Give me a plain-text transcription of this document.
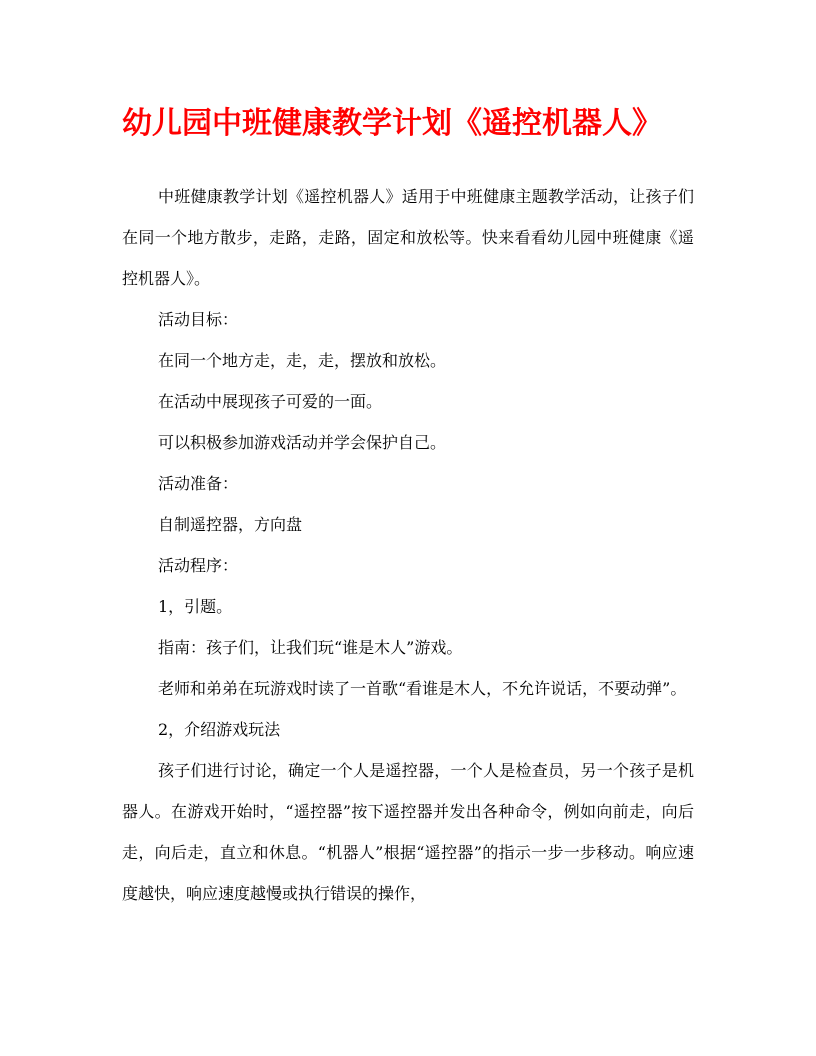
幼儿园中班健康教学计划《遥控机器人》

中班健康教学计划《遥控机器人》适用于中班健康主题教学活动，让孩子们在同一个地方散步，走路，走路，固定和放松等。快来看看幼儿园中班健康《遥控机器人》。

活动目标：

在同一个地方走，走，走，摆放和放松。

在活动中展现孩子可爱的一面。

可以积极参加游戏活动并学会保护自己。

活动准备：

自制遥控器，方向盘

活动程序：

1，引题。

指南：孩子们，让我们玩“谁是木人”游戏。

老师和弟弟在玩游戏时读了一首歌“看谁是木人，不允许说话，不要动弹”。

2，介绍游戏玩法

孩子们进行讨论，确定一个人是遥控器，一个人是检查员，另一个孩子是机器人。在游戏开始时，“遥控器”按下遥控器并发出各种命令，例如向前走，向后走，向后走，直立和休息。“机器人”根据“遥控器”的指示一步一步移动。响应速度越快，响应速度越慢或执行错误的操作，
